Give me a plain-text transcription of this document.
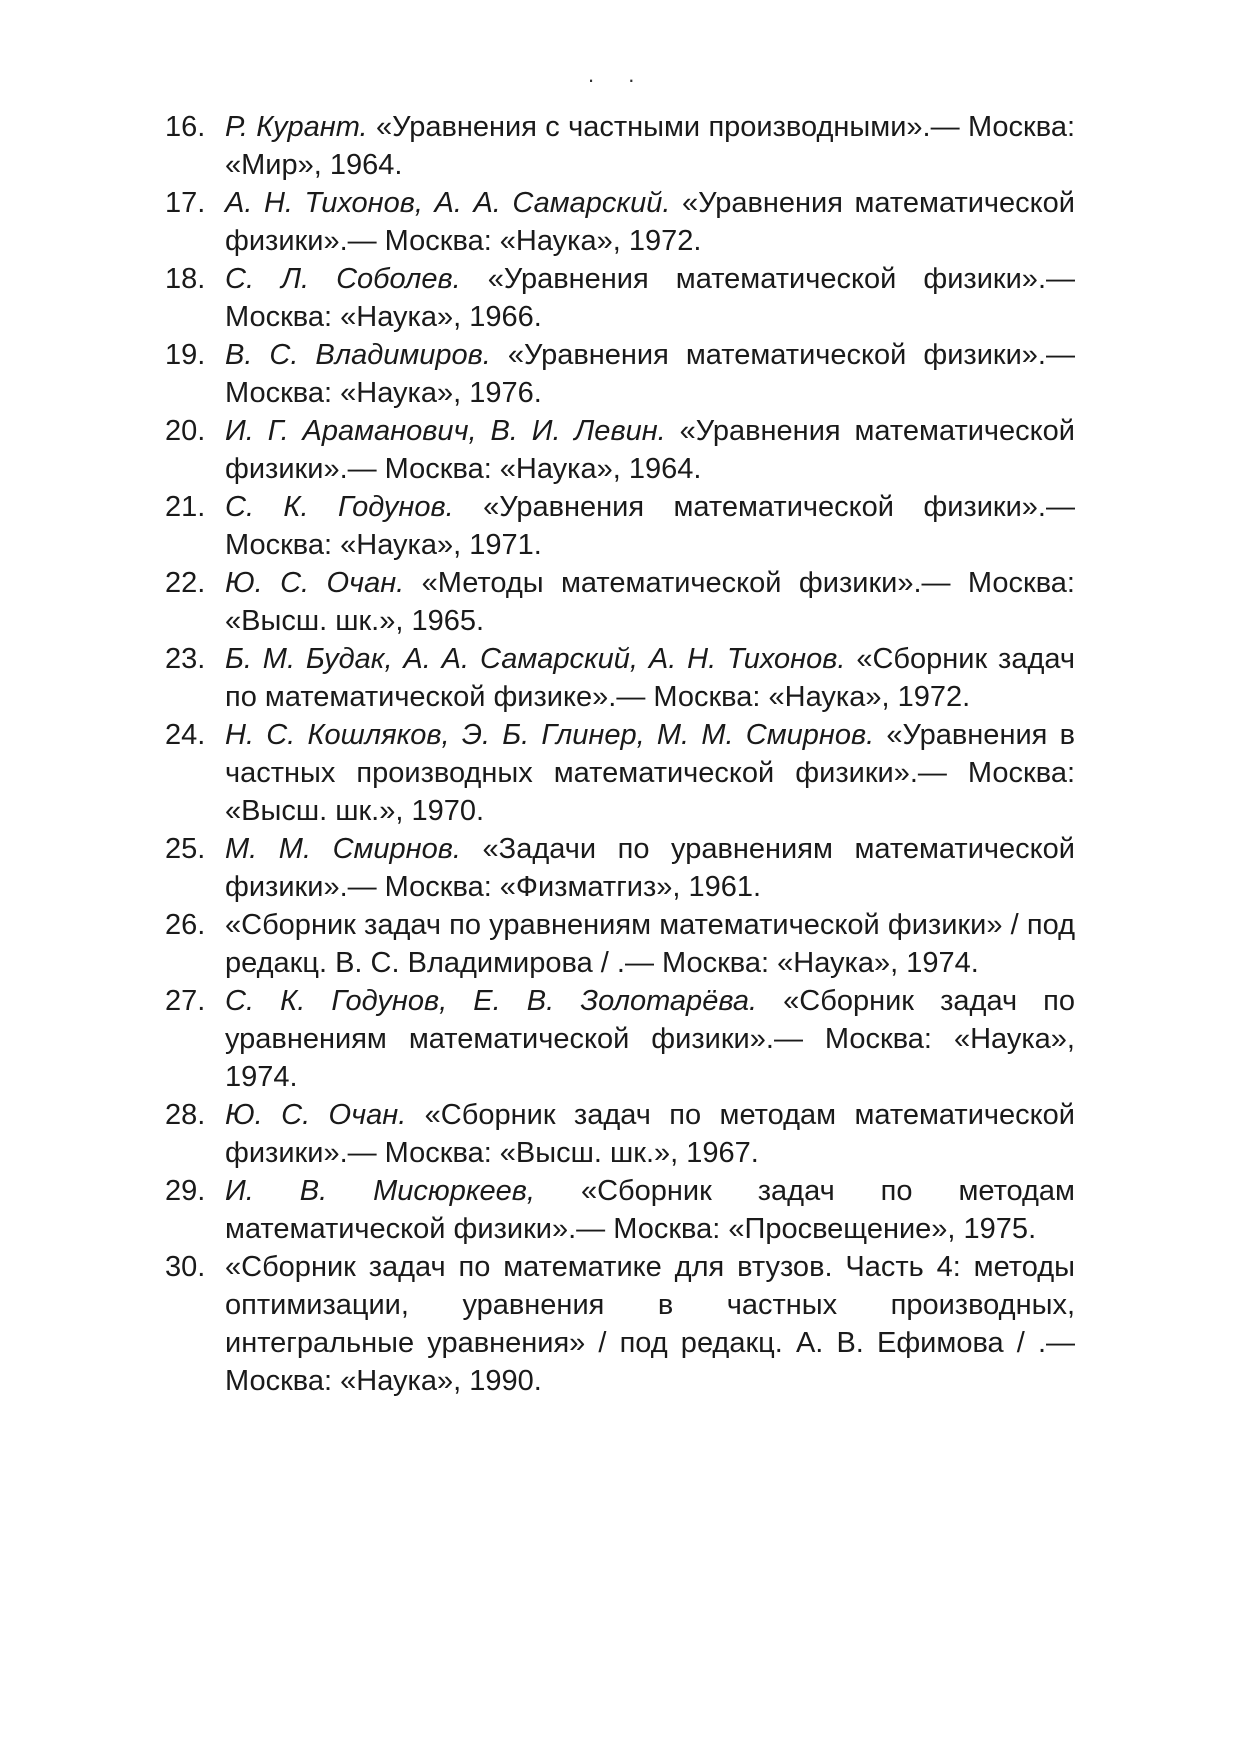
. .
16. Р. Курант. «Уравнения с частными производными».— Москва: «Мир», 1964.
17. А. Н. Тихонов, А. А. Самарский. «Уравнения математической физики».— Москва: «Наука», 1972.
18. С. Л. Соболев. «Уравнения математической физики».— Москва: «Наука», 1966.
19. В. С. Владимиров. «Уравнения математической физики».— Москва: «Наука», 1976.
20. И. Г. Араманович, В. И. Левин. «Уравнения математической физики».— Москва: «Наука», 1964.
21. С. К. Годунов. «Уравнения математической физики».— Москва: «Наука», 1971.
22. Ю. С. Очан. «Методы математической физики».— Москва: «Высш. шк.», 1965.
23. Б. М. Будак, А. А. Самарский, А. Н. Тихонов. «Сборник задач по математической физике».— Москва: «Наука», 1972.
24. Н. С. Кошляков, Э. Б. Глинер, М. М. Смирнов. «Уравнения в частных производных математической физики».— Москва: «Высш. шк.», 1970.
25. М. М. Смирнов. «Задачи по уравнениям математической физики».— Москва: «Физматгиз», 1961.
26. «Сборник задач по уравнениям математической физики» / под редакц. В. С. Владимирова / .— Москва: «Наука», 1974.
27. С. К. Годунов, Е. В. Золотарёва. «Сборник задач по уравнениям математической физики».— Москва: «Наука», 1974.
28. Ю. С. Очан. «Сборник задач по методам математической физики».— Москва: «Высш. шк.», 1967.
29. И. В. Мисюркеев, «Сборник задач по методам математической физики».— Москва: «Просвещение», 1975.
30. «Сборник задач по математике для втузов. Часть 4: методы оптимизации, уравнения в частных производных, интегральные уравнения» / под редакц. А. В. Ефимова / .— Москва: «Наука», 1990.
